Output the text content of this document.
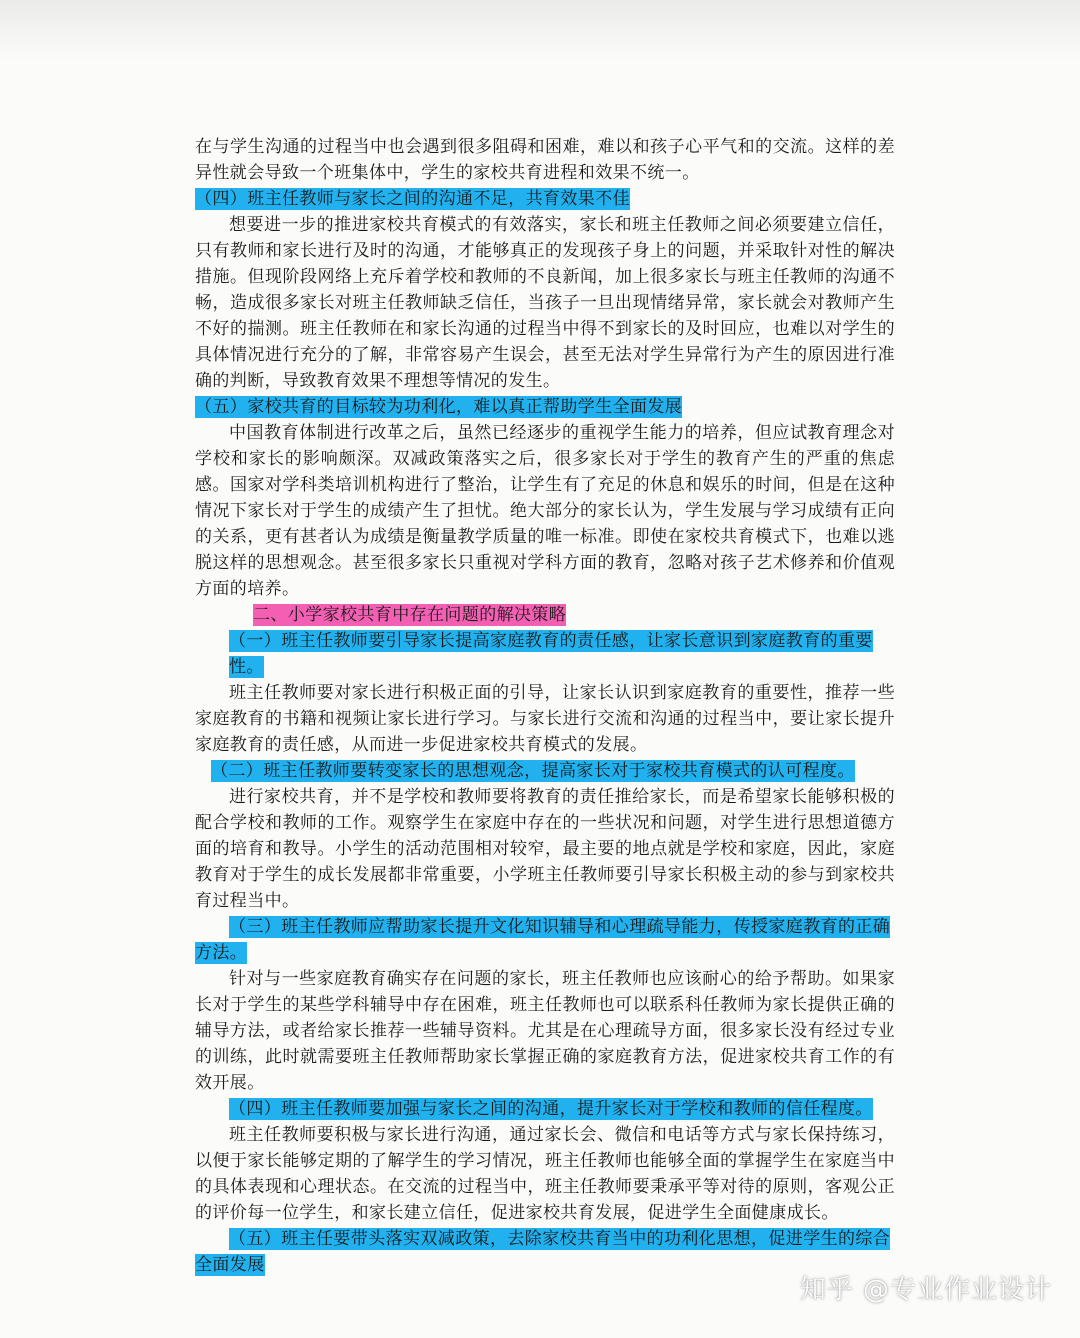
在与学生沟通的过程当中也会遇到很多阻碍和困难，难以和孩子心平气和的交流。这样的差异性就会导致一个班集体中，学生的家校共育进程和效果不统一。

（四）班主任教师与家长之间的沟通不足，共育效果不佳

想要进一步的推进家校共育模式的有效落实，家长和班主任教师之间必须要建立信任，只有教师和家长进行及时的沟通，才能够真正的发现孩子身上的问题，并采取针对性的解决措施。但现阶段网络上充斥着学校和教师的不良新闻，加上很多家长与班主任教师的沟通不畅，造成很多家长对班主任教师缺乏信任，当孩子一旦出现情绪异常，家长就会对教师产生不好的揣测。班主任教师在和家长沟通的过程当中得不到家长的及时回应，也难以对学生的具体情况进行充分的了解，非常容易产生误会，甚至无法对学生异常行为产生的原因进行准确的判断，导致教育效果不理想等情况的发生。

（五）家校共育的目标较为功利化，难以真正帮助学生全面发展

中国教育体制进行改革之后，虽然已经逐步的重视学生能力的培养，但应试教育理念对学校和家长的影响颇深。双减政策落实之后，很多家长对于学生的教育产生的严重的焦虑感。国家对学科类培训机构进行了整治，让学生有了充足的休息和娱乐的时间，但是在这种情况下家长对于学生的成绩产生了担忧。绝大部分的家长认为，学生发展与学习成绩有正向的关系，更有甚者认为成绩是衡量教学质量的唯一标准。即使在家校共育模式下，也难以逃脱这样的思想观念。甚至很多家长只重视对学科方面的教育，忽略对孩子艺术修养和价值观方面的培养。

二、小学家校共育中存在问题的解决策略

（一）班主任教师要引导家长提高家庭教育的责任感，让家长意识到家庭教育的重要性。

班主任教师要对家长进行积极正面的引导，让家长认识到家庭教育的重要性，推荐一些家庭教育的书籍和视频让家长进行学习。与家长进行交流和沟通的过程当中，要让家长提升家庭教育的责任感，从而进一步促进家校共育模式的发展。

（二）班主任教师要转变家长的思想观念，提高家长对于家校共育模式的认可程度。

进行家校共育，并不是学校和教师要将教育的责任推给家长，而是希望家长能够积极的配合学校和教师的工作。观察学生在家庭中存在的一些状况和问题，对学生进行思想道德方面的培育和教导。小学生的活动范围相对较窄，最主要的地点就是学校和家庭，因此，家庭教育对于学生的成长发展都非常重要，小学班主任教师要引导家长积极主动的参与到家校共育过程当中。

（三）班主任教师应帮助家长提升文化知识辅导和心理疏导能力，传授家庭教育的正确方法。

针对与一些家庭教育确实存在问题的家长，班主任教师也应该耐心的给予帮助。如果家长对于学生的某些学科辅导中存在困难，班主任教师也可以联系科任教师为家长提供正确的辅导方法，或者给家长推荐一些辅导资料。尤其是在心理疏导方面，很多家长没有经过专业的训练，此时就需要班主任教师帮助家长掌握正确的家庭教育方法，促进家校共育工作的有效开展。

（四）班主任教师要加强与家长之间的沟通，提升家长对于学校和教师的信任程度。

班主任教师要积极与家长进行沟通，通过家长会、微信和电话等方式与家长保持练习，以便于家长能够定期的了解学生的学习情况，班主任教师也能够全面的掌握学生在家庭当中的具体表现和心理状态。在交流的过程当中，班主任教师要秉承平等对待的原则，客观公正的评价每一位学生，和家长建立信任，促进家校共育发展，促进学生全面健康成长。

（五）班主任要带头落实双减政策，去除家校共育当中的功利化思想，促进学生的综合全面发展

知乎 @专业作业设计
